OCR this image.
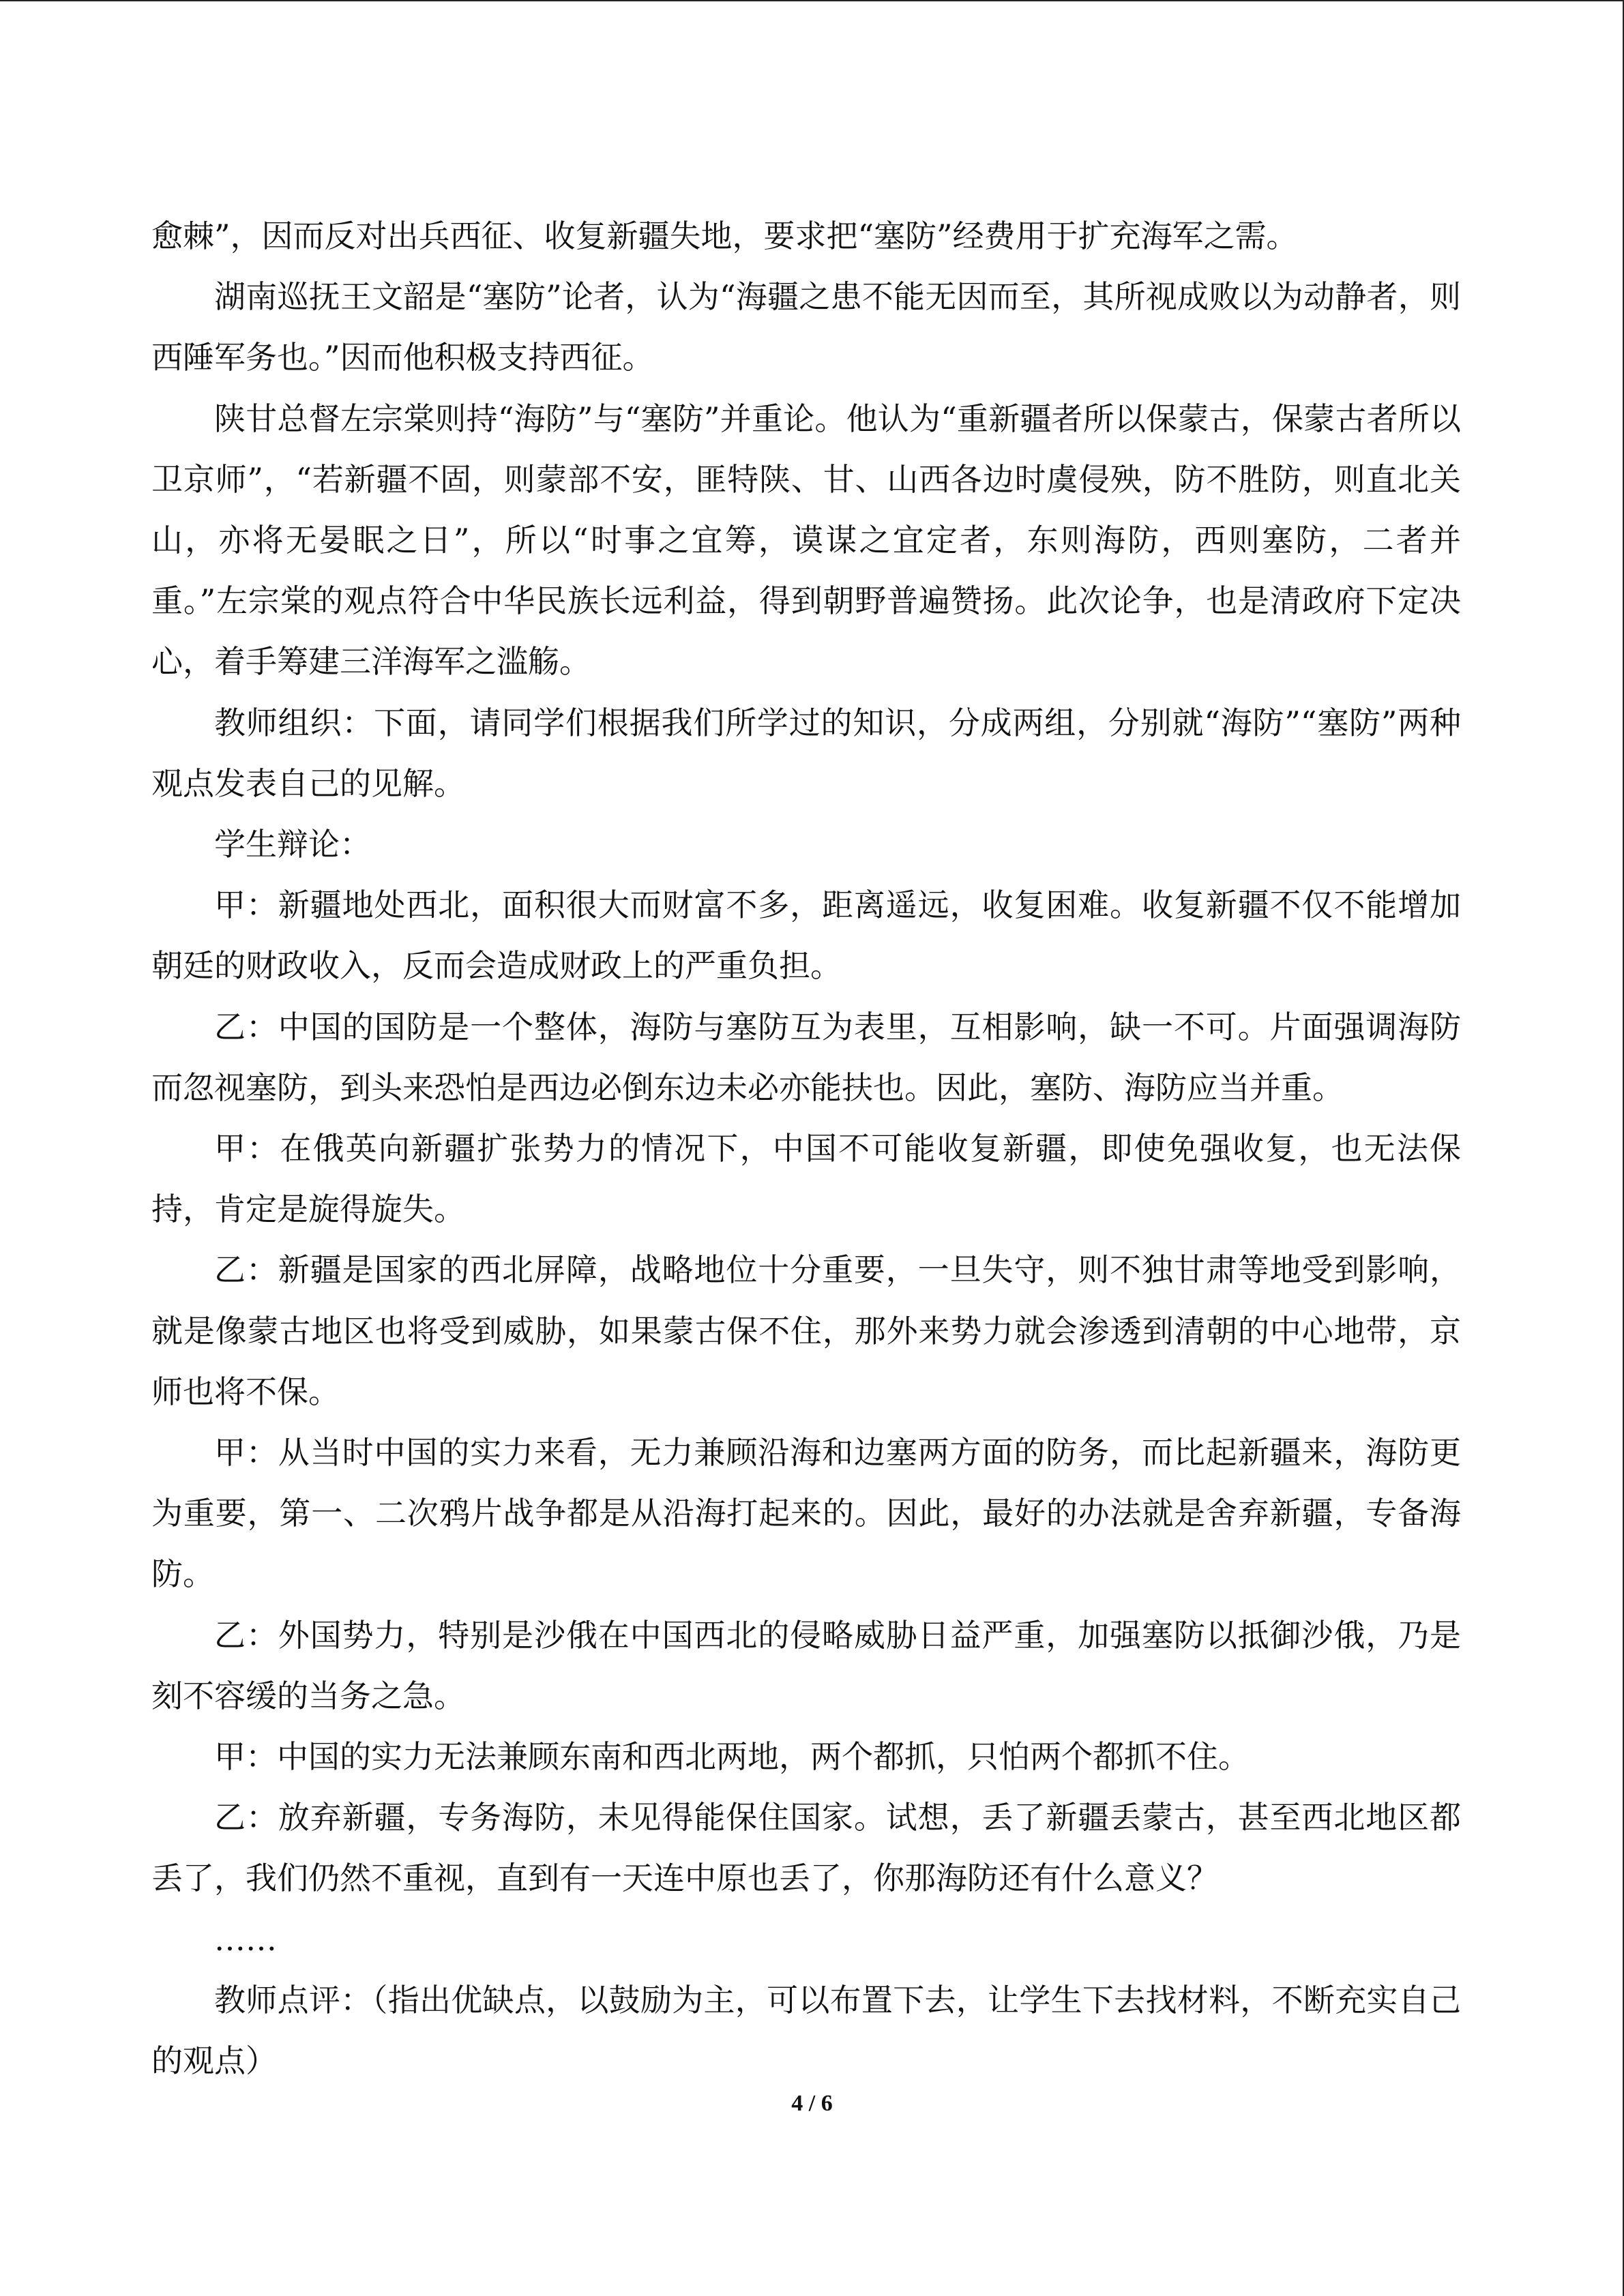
愈棘”，因而反对出兵西征、收复新疆失地，要求把“塞防”经费用于扩充海军之需。

湖南巡抚王文韶是“塞防”论者，认为“海疆之患不能无因而至，其所视成败以为动静者，则西陲军务也。”因而他积极支持西征。

陕甘总督左宗棠则持“海防”与“塞防”并重论。他认为“重新疆者所以保蒙古，保蒙古者所以卫京师”，“若新疆不固，则蒙部不安，匪特陕、甘、山西各边时虞侵殃，防不胜防，则直北关山，亦将无晏眠之日”，所以“时事之宜筹，谟谋之宜定者，东则海防，西则塞防，二者并重。”左宗棠的观点符合中华民族长远利益，得到朝野普遍赞扬。此次论争，也是清政府下定决心，着手筹建三洋海军之滥觞。

教师组织：下面，请同学们根据我们所学过的知识，分成两组，分别就“海防”“塞防”两种观点发表自己的见解。

学生辩论：

甲：新疆地处西北，面积很大而财富不多，距离遥远，收复困难。收复新疆不仅不能增加朝廷的财政收入，反而会造成财政上的严重负担。

乙：中国的国防是一个整体，海防与塞防互为表里，互相影响，缺一不可。片面强调海防而忽视塞防，到头来恐怕是西边必倒东边未必亦能扶也。因此，塞防、海防应当并重。

甲：在俄英向新疆扩张势力的情况下，中国不可能收复新疆，即使免强收复，也无法保持，肯定是旋得旋失。

乙：新疆是国家的西北屏障，战略地位十分重要，一旦失守，则不独甘肃等地受到影响，就是像蒙古地区也将受到威胁，如果蒙古保不住，那外来势力就会渗透到清朝的中心地带，京师也将不保。

甲：从当时中国的实力来看，无力兼顾沿海和边塞两方面的防务，而比起新疆来，海防更为重要，第一、二次鸦片战争都是从沿海打起来的。因此，最好的办法就是舍弃新疆，专备海防。

乙：外国势力，特别是沙俄在中国西北的侵略威胁日益严重，加强塞防以抵御沙俄，乃是刻不容缓的当务之急。

甲：中国的实力无法兼顾东南和西北两地，两个都抓，只怕两个都抓不住。

乙：放弃新疆，专务海防，未见得能保住国家。试想，丢了新疆丢蒙古，甚至西北地区都丢了，我们仍然不重视，直到有一天连中原也丢了，你那海防还有什么意义？

……

教师点评：（指出优缺点，以鼓励为主，可以布置下去，让学生下去找材料，不断充实自己的观点）

4 / 6
